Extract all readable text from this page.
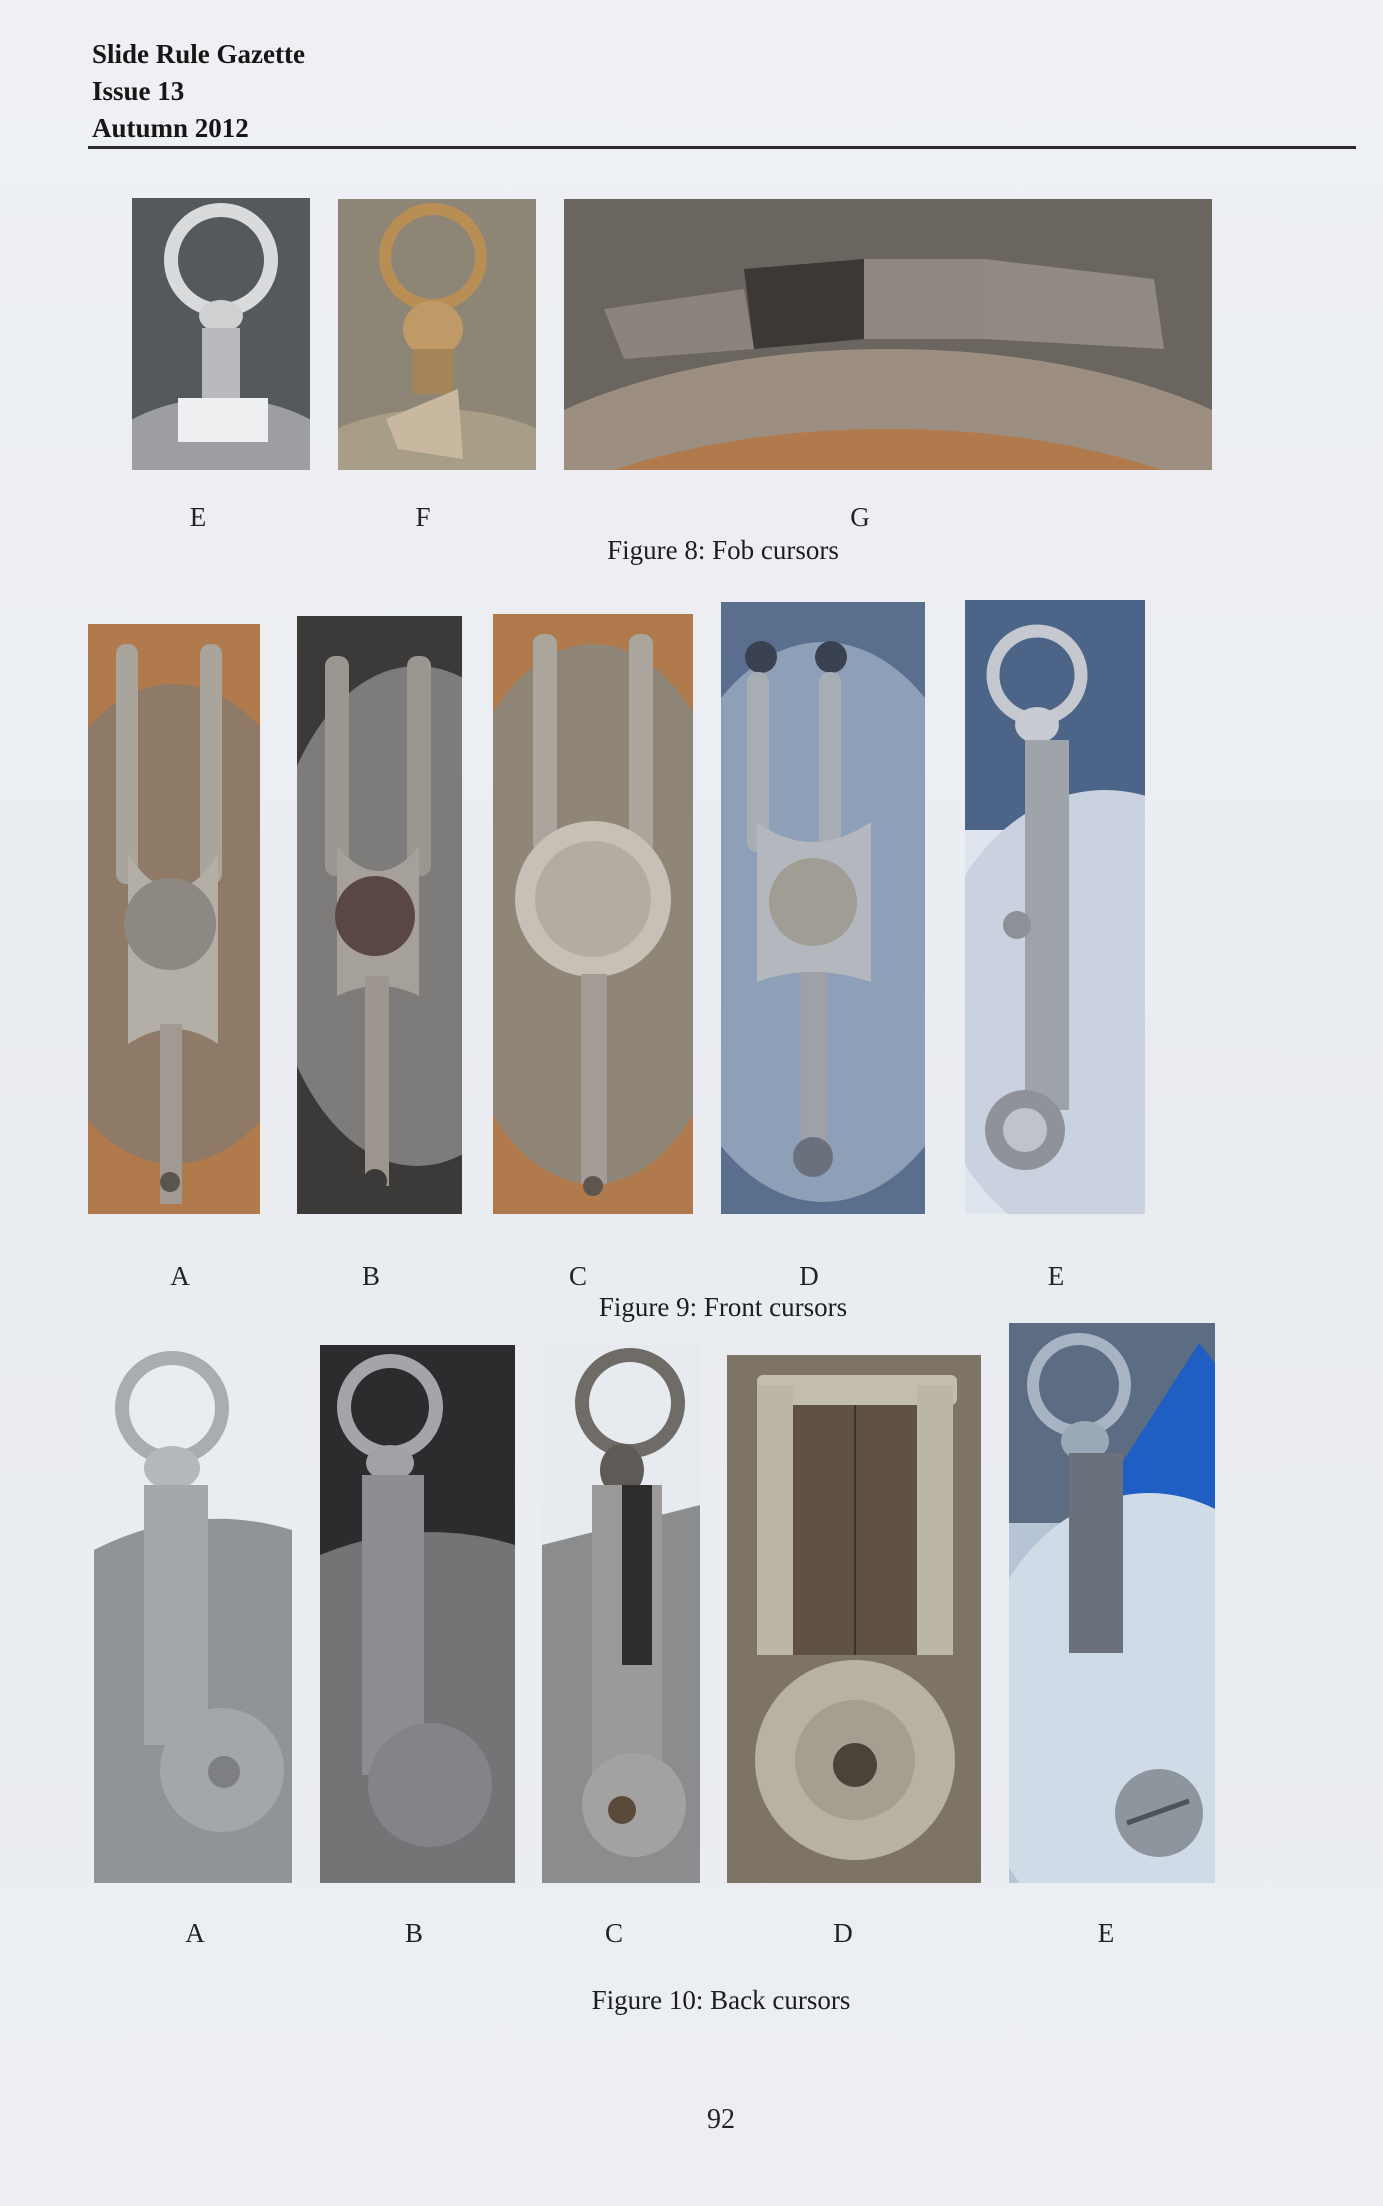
Slide Rule Gazette
Issue 13
Autumn 2012
E	F	G
Figure 8: Fob cursors
A	B	C	D	E
Figure 9: Front cursors
A	B	C	D	E
Figure 10: Back cursors
92
